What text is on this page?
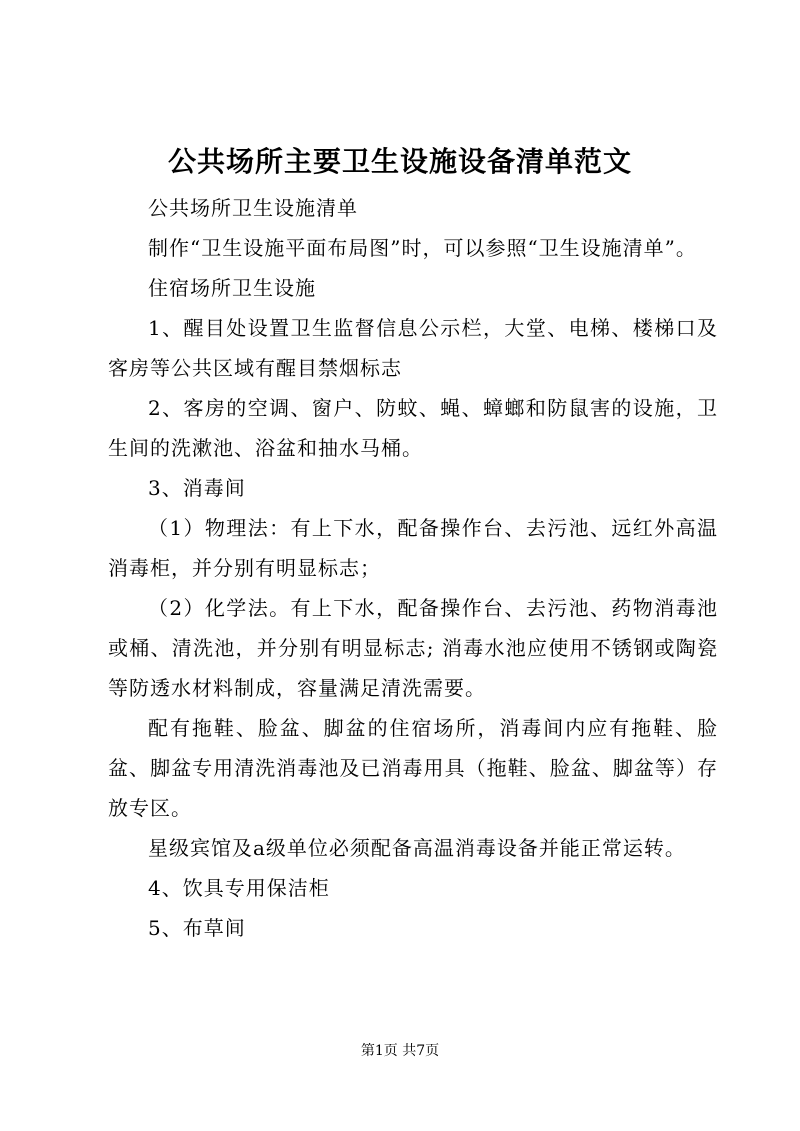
公共场所主要卫生设施设备清单范文

公共场所卫生设施清单

制作“卫生设施平面布局图”时，可以参照“卫生设施清单”。

住宿场所卫生设施

1、醒目处设置卫生监督信息公示栏，大堂、电梯、楼梯口及客房等公共区域有醒目禁烟标志

2、客房的空调、窗户、防蚊、蝇、蟑螂和防鼠害的设施，卫生间的洗漱池、浴盆和抽水马桶。

3、消毒间

（1）物理法：有上下水，配备操作台、去污池、远红外高温消毒柜，并分别有明显标志；

（2）化学法。有上下水，配备操作台、去污池、药物消毒池或桶、清洗池，并分别有明显标志; 消毒水池应使用不锈钢或陶瓷等防透水材料制成，容量满足清洗需要。

配有拖鞋、脸盆、脚盆的住宿场所，消毒间内应有拖鞋、脸盆、脚盆专用清洗消毒池及已消毒用具（拖鞋、脸盆、脚盆等）存放专区。

星级宾馆及a级单位必须配备高温消毒设备并能正常运转。

4、饮具专用保洁柜

5、布草间

第1页 共7页
